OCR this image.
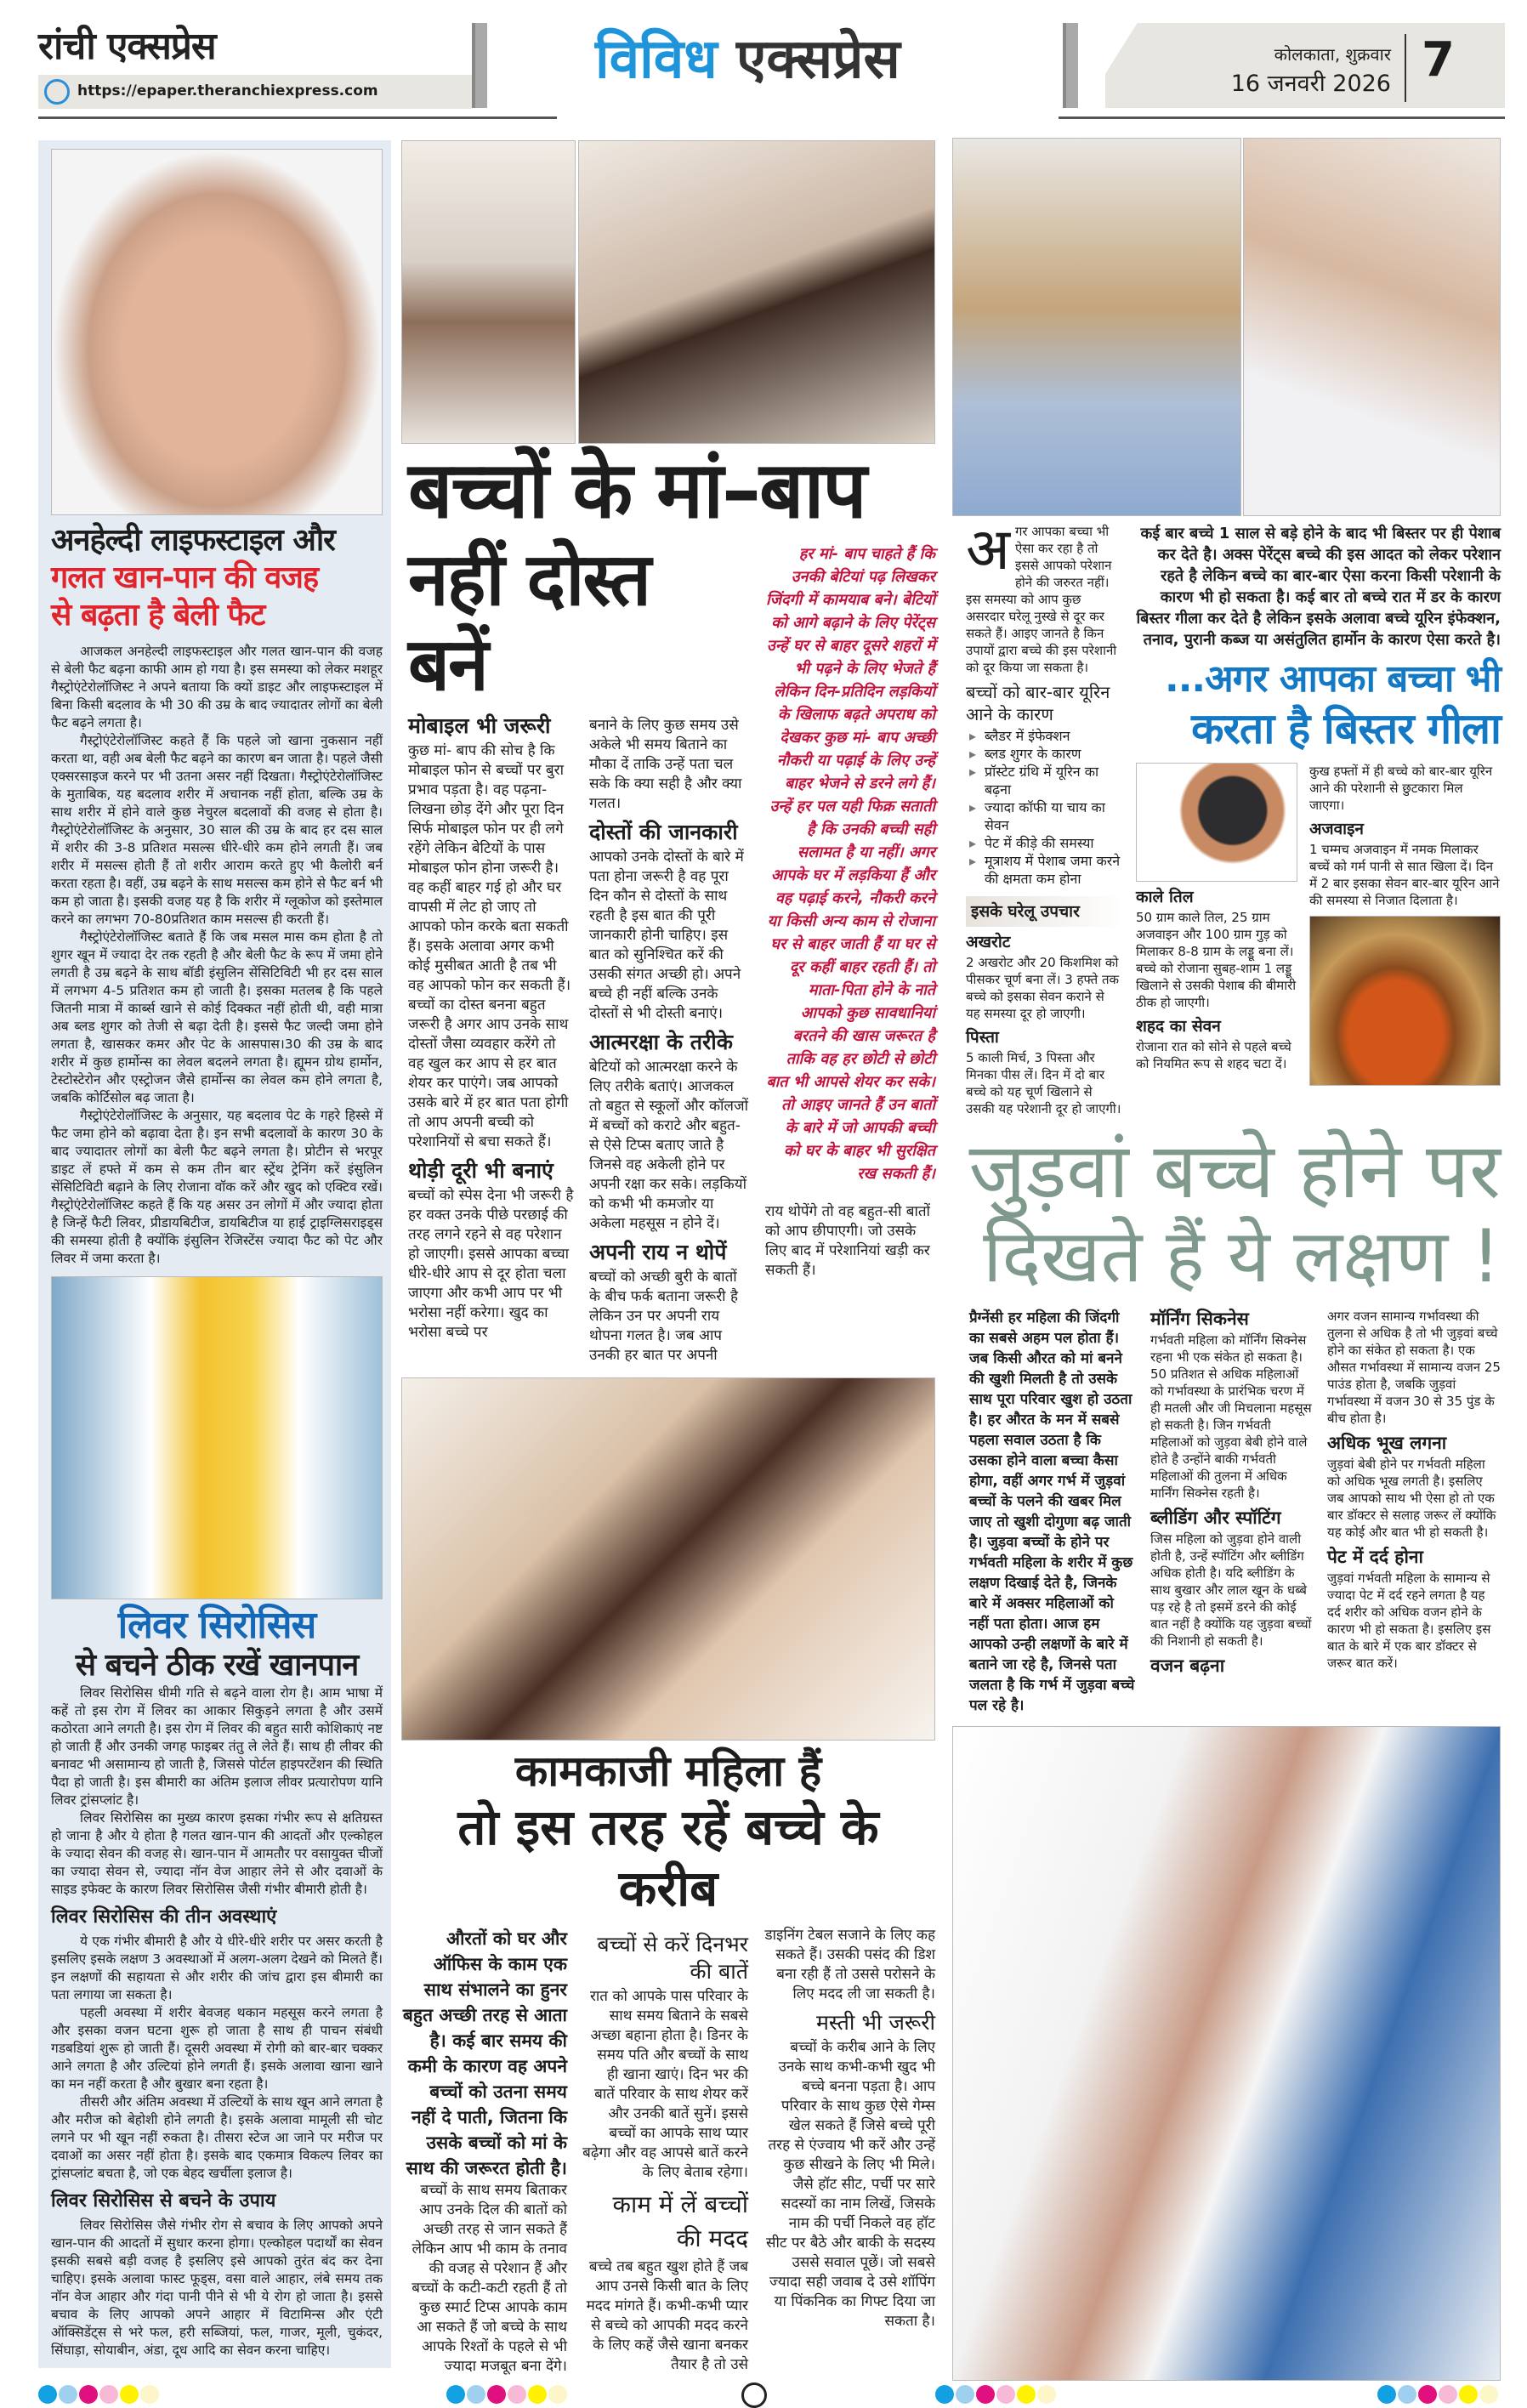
रांची एक्सप्रेस
https://epaper.theranchiexpress.com	विविध एक्सप्रेस	कोलकाता, शुक्रवार
16 जनवरी 2026 7
अनहेल्दी लाइफस्टाइल और
गलत खान-पान की वजह
से बढ़ता है बेली फैट

आजकल अनहेल्दी लाइफस्टाइल और गलत खान-पान की वजह से बेली फैट बढ़ना काफी आम हो गया है। इस समस्या को लेकर मशहूर गैस्ट्रोएंटेरोलॉजिस्ट ने अपने बताया कि क्यों डाइट और लाइफस्टाइल में बिना किसी बदलाव के भी 30 की उम्र के बाद ज्यादातर लोगों का बेली फैट बढ़ने लगता है।

गैस्ट्रोएंटेरोलॉजिस्ट कहते हैं कि पहले जो खाना नुकसान नहीं करता था, वही अब बेली फैट बढ़ने का कारण बन जाता है। पहले जैसी एक्सरसाइज करने पर भी उतना असर नहीं दिखता। गैस्ट्रोएंटेरोलॉजिस्ट के मुताबिक, यह बदलाव शरीर में अचानक नहीं होता, बल्कि उम्र के साथ शरीर में होने वाले कुछ नेचुरल बदलावों की वजह से होता है। गैस्ट्रोएंटेरोलॉजिस्ट के अनुसार, 30 साल की उम्र के बाद हर दस साल में शरीर की 3-8 प्रतिशत मसल्स धीरे-धीरे कम होने लगती हैं। जब शरीर में मसल्स होती हैं तो शरीर आराम करते हुए भी कैलोरी बर्न करता रहता है। वहीं, उम्र बढ़ने के साथ मसल्स कम होने से फैट बर्न भी कम हो जाता है। इसकी वजह यह है कि शरीर में ग्लूकोज को इस्तेमाल करने का लगभग 70-80प्रतिशत काम मसल्स ही करती हैं।

गैस्ट्रोएंटेरोलॉजिस्ट बताते हैं कि जब मसल मास कम होता है तो शुगर खून में ज्यादा देर तक रहती है और बेली फैट के रूप में जमा होने लगती है उम्र बढ़ने के साथ बॉडी इंसुलिन सेंसिटिविटी भी हर दस साल में लगभग 4-5 प्रतिशत कम हो जाती है। इसका मतलब है कि पहले जितनी मात्रा में कार्ब्स खाने से कोई दिक्कत नहीं होती थी, वही मात्रा अब ब्लड शुगर को तेजी से बढ़ा देती है। इससे फैट जल्दी जमा होने लगता है, खासकर कमर और पेट के आसपास।30 की उम्र के बाद शरीर में कुछ हार्मोन्स का लेवल बदलने लगता है। ह्यूमन ग्रोथ हार्मोन, टेस्टोस्टेरोन और एस्ट्रोजन जैसे हार्मोन्स का लेवल कम होने लगता है, जबकि कोर्टिसोल बढ़ जाता है।

गैस्ट्रोएंटेरोलॉजिस्ट के अनुसार, यह बदलाव पेट के गहरे हिस्से में फैट जमा होने को बढ़ावा देता है। इन सभी बदलावों के कारण 30 के बाद ज्यादातर लोगों का बेली फैट बढ़ने लगता है। प्रोटीन से भरपूर डाइट लें हफ्ते में कम से कम तीन बार स्ट्रेंथ ट्रेनिंग करें इंसुलिन सेंसिटिविटी बढ़ाने के लिए रोजाना वॉक करें और खुद को एक्टिव रखें। गैस्ट्रोएंटेरोलॉजिस्ट कहते हैं कि यह असर उन लोगों में और ज्यादा होता है जिन्हें फैटी लिवर, प्रीडायबिटीज, डायबिटीज या हाई ट्राइग्लिसराइड्स की समस्या होती है क्योंकि इंसुलिन रेजिस्टेंस ज्यादा फैट को पेट और लिवर में जमा करता है।

लिवर सिरोसिस
से बचने ठीक रखें खानपान

लिवर सिरोसिस धीमी गति से बढ़ने वाला रोग है। आम भाषा में कहें तो इस रोग में लिवर का आकार सिकुड़ने लगता है और उसमें कठोरता आने लगती है। इस रोग में लिवर की बहुत सारी कोशिकाएं नष्ट हो जाती हैं और उनकी जगह फाइबर तंतु ले लेते हैं। साथ ही लीवर की बनावट भी असामान्य हो जाती है, जिससे पोर्टल हाइपरटेंशन की स्थिति पैदा हो जाती है। इस बीमारी का अंतिम इलाज लीवर प्रत्यारोपण यानि लिवर ट्रांसप्लांट है।

लिवर सिरोसिस का मुख्य कारण इसका गंभीर रूप से क्षतिग्रस्त हो जाना है और ये होता है गलत खान-पान की आदतों और एल्कोहल के ज्यादा सेवन की वजह से। खान-पान में आमतौर पर वसायुक्त चीजों का ज्यादा सेवन से, ज्यादा नॉन वेज आहार लेने से और दवाओं के साइड इफेक्ट के कारण लिवर सिरोसिस जैसी गंभीर बीमारी होती है।

लिवर सिरोसिस की तीन अवस्थाएं

ये एक गंभीर बीमारी है और ये धीरे-धीरे शरीर पर असर करती है इसलिए इसके लक्षण 3 अवस्थाओं में अलग-अलग देखने को मिलते हैं। इन लक्षणों की सहायता से और शरीर की जांच द्वारा इस बीमारी का पता लगाया जा सकता है।

पहली अवस्था में शरीर बेवजह थकान महसूस करने लगता है और इसका वजन घटना शुरू हो जाता है साथ ही पाचन संबंधी गडबडियां शुरू हो जाती हैं। दूसरी अवस्था में रोगी को बार-बार चक्कर आने लगता है और उल्टियां होने लगती हैं। इसके अलावा खाना खाने का मन नहीं करता है और बुखार बना रहता है।

तीसरी और अंतिम अवस्था में उल्टियों के साथ खून आने लगता है और मरीज को बेहोशी होने लगती है। इसके अलावा मामूली सी चोट लगने पर भी खून नहीं रुकता है। तीसरा स्टेज आ जाने पर मरीज पर दवाओं का असर नहीं होता है। इसके बाद एकमात्र विकल्प लिवर का ट्रांसप्लांट बचता है, जो एक बेहद खर्चीला इलाज है।

लिवर सिरोसिस से बचने के उपाय

लिवर सिरोसिस जैसे गंभीर रोग से बचाव के लिए आपको अपने खान-पान की आदतों में सुधार करना होगा। एल्कोहल पदार्थों का सेवन इसकी सबसे बड़ी वजह है इसलिए इसे आपको तुरंत बंद कर देना चाहिए। इसके अलावा फास्ट फूड्स, वसा वाले आहार, लंबे समय तक नॉन वेज आहार और गंदा पानी पीने से भी ये रोग हो जाता है। इससे बचाव के लिए आपको अपने आहार में विटामिन्स और एंटी ऑक्सिडेंट्स से भरे फल, हरी सब्जियां, फल, गाजर, मूली, चुकंदर, सिंघाड़ा, सोयाबीन, अंडा, दूध आदि का सेवन करना चाहिए।

बच्चों के मां–बाप
नहीं दोस्त बनें
मोबाइल भी जरूरी

कुछ मां- बाप की सोच है कि मोबाइल फोन से बच्चों पर बुरा प्रभाव पड़ता है। वह पढ़ना-लिखना छोड़ देंगे और पूरा दिन सिर्फ मोबाइल फोन पर ही लगे रहेंगे लेकिन बेटियों के पास मोबाइल फोन होना जरूरी है। वह कहीं बाहर गई हो और घर वापसी में लेट हो जाए तो आपको फोन करके बता सकती हैं। इसके अलावा अगर कभी कोई मुसीबत आती है तब भी वह आपको फोन कर सकती हैं। बच्चों का दोस्त बनना बहुत जरूरी है अगर आप उनके साथ दोस्तों जैसा व्यवहार करेंगे तो वह खुल कर आप से हर बात शेयर कर पाएंगे। जब आपको उसके बारे में हर बात पता होगी तो आप अपनी बच्ची को परेशानियों से बचा सकते हैं।

थोड़ी दूरी भी बनाएं

बच्चों को स्पेस देना भी जरूरी है हर वक्त उनके पीछे परछाई की तरह लगने रहने से वह परेशान हो जाएगी। इससे आपका बच्चा धीरे-धीरे आप से दूर होता चला जाएगा और कभी आप पर भी भरोसा नहीं करेगा। खुद का भरोसा बच्चे पर

बनाने के लिए कुछ समय उसे अकेले भी समय बिताने का मौका दें ताकि उन्हें पता चल सके कि क्या सही है और क्या गलत।

दोस्तों की जानकारी

आपको उनके दोस्तों के बारे में पता होना जरूरी है वह पूरा दिन कौन से दोस्तों के साथ रहती है इस बात की पूरी जानकारी होनी चाहिए। इस बात को सुनिश्चित करें की उसकी संगत अच्छी हो। अपने बच्चे ही नहीं बल्कि उनके दोस्तों से भी दोस्ती बनाएं।

आत्मरक्षा के तरीके

बेटियों को आत्मरक्षा करने के लिए तरीके बताएं। आजकल तो बहुत से स्कूलों और कॉलजों में बच्चों को कराटे और बहुत-से ऐसे टिप्स बताए जाते है जिनसे वह अकेली होने पर अपनी रक्षा कर सके। लड़कियों को कभी भी कमजोर या अकेला महसूस न होने दें।

अपनी राय न थोपें

बच्चों को अच्छी बुरी के बातों के बीच फर्क बताना जरूरी है लेकिन उन पर अपनी राय थोपना गलत है। जब आप उनकी हर बात पर अपनी

हर मां- बाप चाहते हैं कि उनकी बेटियां पढ़ लिखकर जिंदगी में कामयाब बने। बेटियों को आगे बढ़ाने के लिए पेरेंट्स उन्हें घर से बाहर दूसरे शहरों में भी पढ़ने के लिए भेजते हैं लेकिन दिन-प्रतिदिन लड़कियों के खिलाफ बढ़ते अपराध को देखकर कुछ मां- बाप अच्छी नौकरी या पढ़ाई के लिए उन्हें बाहर भेजने से डरने लगे हैं। उन्हें हर पल यही फिक्र सताती है कि उनकी बच्ची सही सलामत है या नहीं। अगर आपके घर में लड़किया हैं और वह पढ़ाई करने, नौकरी करने या किसी अन्य काम से रोजाना घर से बाहर जाती हैं या घर से दूर कहीं बाहर रहती हैं। तो माता-पिता होने के नाते आपको कुछ सावधानियां बरतने की खास जरूरत है ताकि वह हर छोटी से छोटी बात भी आपसे शेयर कर सके। तो आइए जानते हैं उन बातों के बारे में जो आपकी बच्ची को घर के बाहर भी सुरक्षित रख सकती हैं।

राय थोपेंगे तो वह बहुत-सी बातों को आप छीपाएगी। जो उसके लिए बाद में परेशानियां खड़ी कर सकती हैं।

कामकाजी महिला हैं
तो इस तरह रहें बच्चे के करीब

औरतों को घर और ऑफिस के काम एक साथ संभालने का हुनर बहुत अच्छी तरह से आता है। कई बार समय की कमी के कारण वह अपने बच्चों को उतना समय नहीं दे पाती, जितना कि उसके बच्चों को मां के साथ की जरूरत होती है।

बच्चों के साथ समय बिताकर आप उनके दिल की बातों को अच्छी तरह से जान सकते हैं लेकिन आप भी काम के तनाव की वजह से परेशान हैं और बच्चों के कटी-कटी रहती हैं तो कुछ स्मार्ट टिप्स आपके काम आ सकते हैं जो बच्चे के साथ आपके रिश्तों के पहले से भी ज्यादा मजबूत बना देंगे।

बच्चों से करें दिनभर की बातें

रात को आपके पास परिवार के साथ समय बिताने के सबसे अच्छा बहाना होता है। डिनर के समय पति और बच्चों के साथ ही खाना खाएं। दिन भर की बातें परिवार के साथ शेयर करें और उनकी बातें सुनें। इससे बच्चों का आपके साथ प्यार बढ़ेगा और वह आपसे बातें करने के लिए बेताब रहेगा।

काम में लें बच्चों की मदद

बच्चे तब बहुत खुश होते हैं जब आप उनसे किसी बात के लिए मदद मांगते हैं। कभी-कभी प्यार से बच्चे को आपकी मदद करने के लिए कहें जैसे खाना बनकर तैयार है तो उसे

डाइनिंग टेबल सजाने के लिए कह सकते हैं। उसकी पसंद की डिश बना रही हैं तो उससे परोसने के लिए मदद ली जा सकती है।

मस्ती भी जरूरी

बच्चों के करीब आने के लिए उनके साथ कभी-कभी खुद भी बच्चे बनना पड़ता है। आप परिवार के साथ कुछ ऐसे गेम्स खेल सकते हैं जिसे बच्चे पूरी तरह से एंज्वाय भी करें और उन्हें कुछ सीखने के लिए भी मिले। जैसे हॉट सीट, पर्ची पर सारे सदस्यों का नाम लिखें, जिसके नाम की पर्ची निकले वह हॉट सीट पर बैठे और बाकी के सदस्य उससे सवाल पूछें। जो सबसे ज्यादा सही जवाब दे उसे शॉपिंग या पिंकनिक का गिफ्ट दिया जा सकता है।

अ गर आपका बच्चा भी ऐसा कर रहा है तो इससे आपको परेशान होने की जरुरत नहीं। इस समस्या को आप कुछ असरदार घरेलू नुस्खे से दूर कर सकते हैं। आइए जानते है किन उपायों द्वारा बच्चे की इस परेशानी को दूर किया जा सकता है।

बच्चों को बार-बार यूरिन आने के कारण
▸ ब्लैडर में इंफेक्शन
▸ ब्लड शुगर के कारण
▸ प्रॉस्टेट ग्रंथि में यूरिन का बढ़ना
▸ ज्यादा कॉफी या चाय का सेवन
▸ पेट में कीड़े की समस्या
▸ मूत्राशय में पेशाब जमा करने की क्षमता कम होना
इसके घरेलू उपचार
अखरोट

2 अखरोट और 20 किशमिश को पीसकर चूर्ण बना लें। 3 हफ्ते तक बच्चे को इसका सेवन कराने से यह समस्या दूर हो जाएगी।

पिस्ता

5 काली मिर्च, 3 पिस्ता और मिनका पीस लें। दिन में दो बार बच्चे को यह चूर्ण खिलाने से उसकी यह परेशानी दूर हो जाएगी।

कई बार बच्चे 1 साल से बड़े होने के बाद भी बिस्तर पर ही पेशाब कर देते है। अक्स पेरेंट्स बच्चे की इस आदत को लेकर परेशान रहते है लेकिन बच्चे का बार-बार ऐसा करना किसी परेशानी के कारण भी हो सकता है। कई बार तो बच्चे रात में डर के कारण बिस्तर गीला कर देते है लेकिन इसके अलावा बच्चे यूरिन इंफेक्शन, तनाव, पुरानी कब्ज या असंतुलित हार्मोन के कारण ऐसा करते है।

...अगर आपका बच्चा भी
करता है बिस्तर गीला
काले तिल

50 ग्राम काले तिल, 25 ग्राम अजवाइन और 100 ग्राम गुड़ को मिलाकर 8-8 ग्राम के लड्डू बना लें। बच्चे को रोजाना सुबह-शाम 1 लड्डू खिलाने से उसकी पेशाब की बीमारी ठीक हो जाएगी।

शहद का सेवन

रोजाना रात को सोने से पहले बच्चे को नियमित रूप से शहद चटा दें।

कुख हफ्तों में ही बच्चे को बार-बार यूरिन आने की परेशानी से छुटकारा मिल जाएगा।

अजवाइन

1 चम्मच अजवाइन में नमक मिलाकर बच्चें को गर्म पानी से सात खिला दें। दिन में 2 बार इसका सेवन बार-बार यूरिन आने की समस्या से निजात दिलाता है।

जुड़वां बच्चे होने पर
दिखते हैं ये लक्षण !

प्रैग्नेंसी हर महिला की जिंदगी का सबसे अहम पल होता हैं। जब किसी औरत को मां बनने की खुशी मिलती है तो उसके साथ पूरा परिवार खुश हो उठता है। हर औरत के मन में सबसे पहला सवाल उठता है कि उसका होने वाला बच्चा कैसा होगा, वहीं अगर गर्भ में जुड़वां बच्चों के पलने की खबर मिल जाए तो खुशी दोगुणा बढ़ जाती है। जुड़वा बच्चों के होने पर गर्भवती महिला के शरीर में कुछ लक्षण दिखाई देते है, जिनके बारे में अक्सर महिलाओं को नहीं पता होता। आज हम आपको उन्ही लक्षणों के बारे में बताने जा रहे है, जिनसे पता जलता है कि गर्भ में जुड़वा बच्चे पल रहे है।

मॉर्निंग सिकनेस

गर्भवती महिला को मॉर्निंग सिक्नेस रहना भी एक संकेत हो सकता है। 50 प्रतिशत से अधिक महिलाओं को गर्भावस्था के प्रारंभिक चरण में ही मतली और जी मिचलाना महसूस हो सकती है। जिन गर्भवती महिलाओं को जुड़वा बेबी होने वाले होते है उन्होंने बाकी गर्भवती महिलाओं की तुलना में अधिक मार्निंग सिक्नेस रहती है।

ब्लीडिंग और स्पॉटिंग

जिस महिला को जुड़वा होने वाली होती है, उन्हें स्पॉटिंग और ब्लीडिंग अधिक होती है। यदि ब्लीडिंग के साथ बुखार और लाल खून के धब्बे पड़ रहे है तो इसमें डरने की कोई बात नहीं है क्योंकि यह जुड़वा बच्चों की निशानी हो सकती है।

वजन बढ़ना

अगर वजन सामान्य गर्भावस्था की तुलना से अधिक है तो भी जुड़वां बच्चे होने का संकेत हो सकता है। एक औसत गर्भावस्था में सामान्य वजन 25 पाउंड होता है, जबकि जुड़वां गर्भावस्था में वजन 30 से 35 पुंड के बीच होता है।

अधिक भूख लगना

जुड़वां बेबी होने पर गर्भवती महिला को अधिक भूख लगती है। इसलिए जब आपको साथ भी ऐसा हो तो एक बार डॉक्टर से सलाह जरूर लें क्योंकि यह कोई और बात भी हो सकती है।

पेट में दर्द होना

जुड़वां गर्भवती महिला के सामान्य से ज्यादा पेट में दर्द रहने लगता है यह दर्द शरीर को अधिक वजन होने के कारण भी हो सकता है। इसलिए इस बात के बारे में एक बार डॉक्टर से जरूर बात करें।
